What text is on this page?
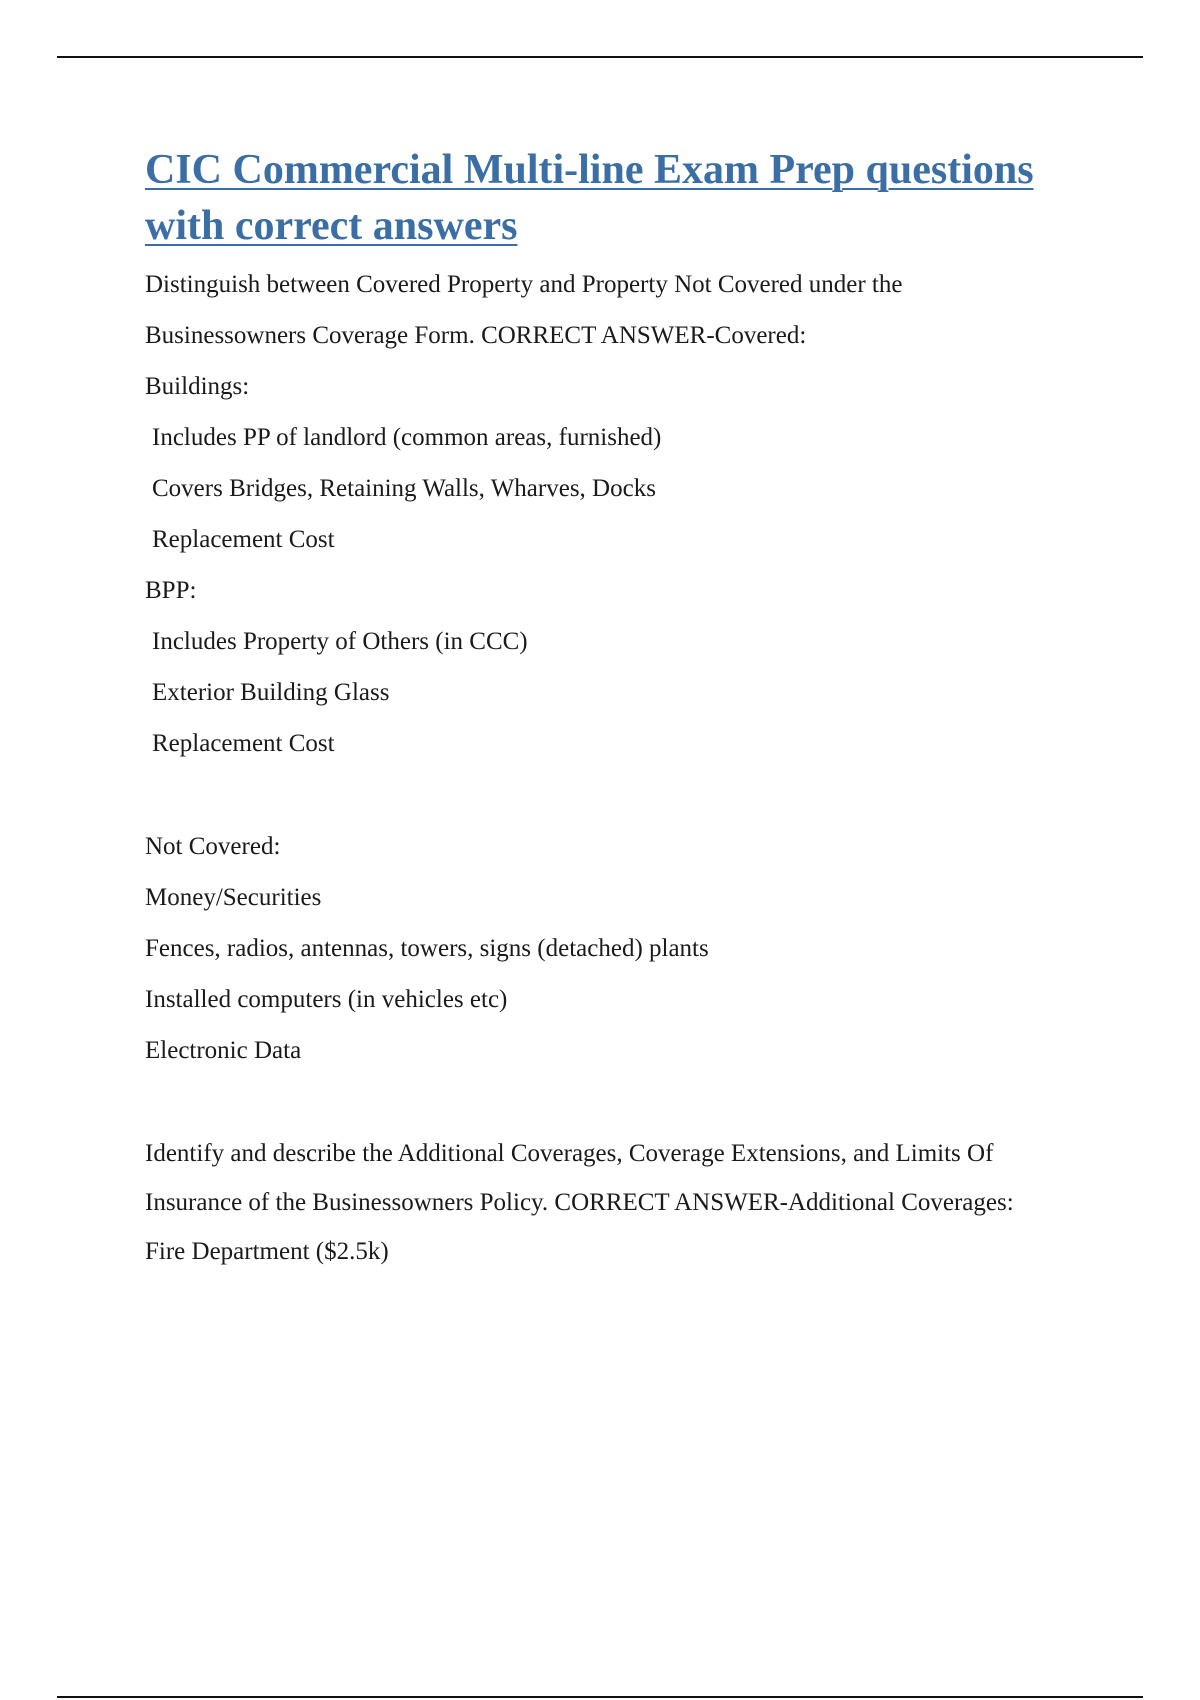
CIC Commercial Multi-line Exam Prep questions with correct answers

Distinguish between Covered Property and Property Not Covered under the

Businessowners Coverage Form. CORRECT ANSWER-Covered:

Buildings:

Includes PP of landlord (common areas, furnished)

Covers Bridges, Retaining Walls, Wharves, Docks

Replacement Cost

BPP:

Includes Property of Others (in CCC)

Exterior Building Glass

Replacement Cost

Not Covered:

Money/Securities

Fences, radios, antennas, towers, signs (detached) plants

Installed computers (in vehicles etc)

Electronic Data

Identify and describe the Additional Coverages, Coverage Extensions, and Limits Of

Insurance of the Businessowners Policy. CORRECT ANSWER-Additional Coverages:

Fire Department ($2.5k)
